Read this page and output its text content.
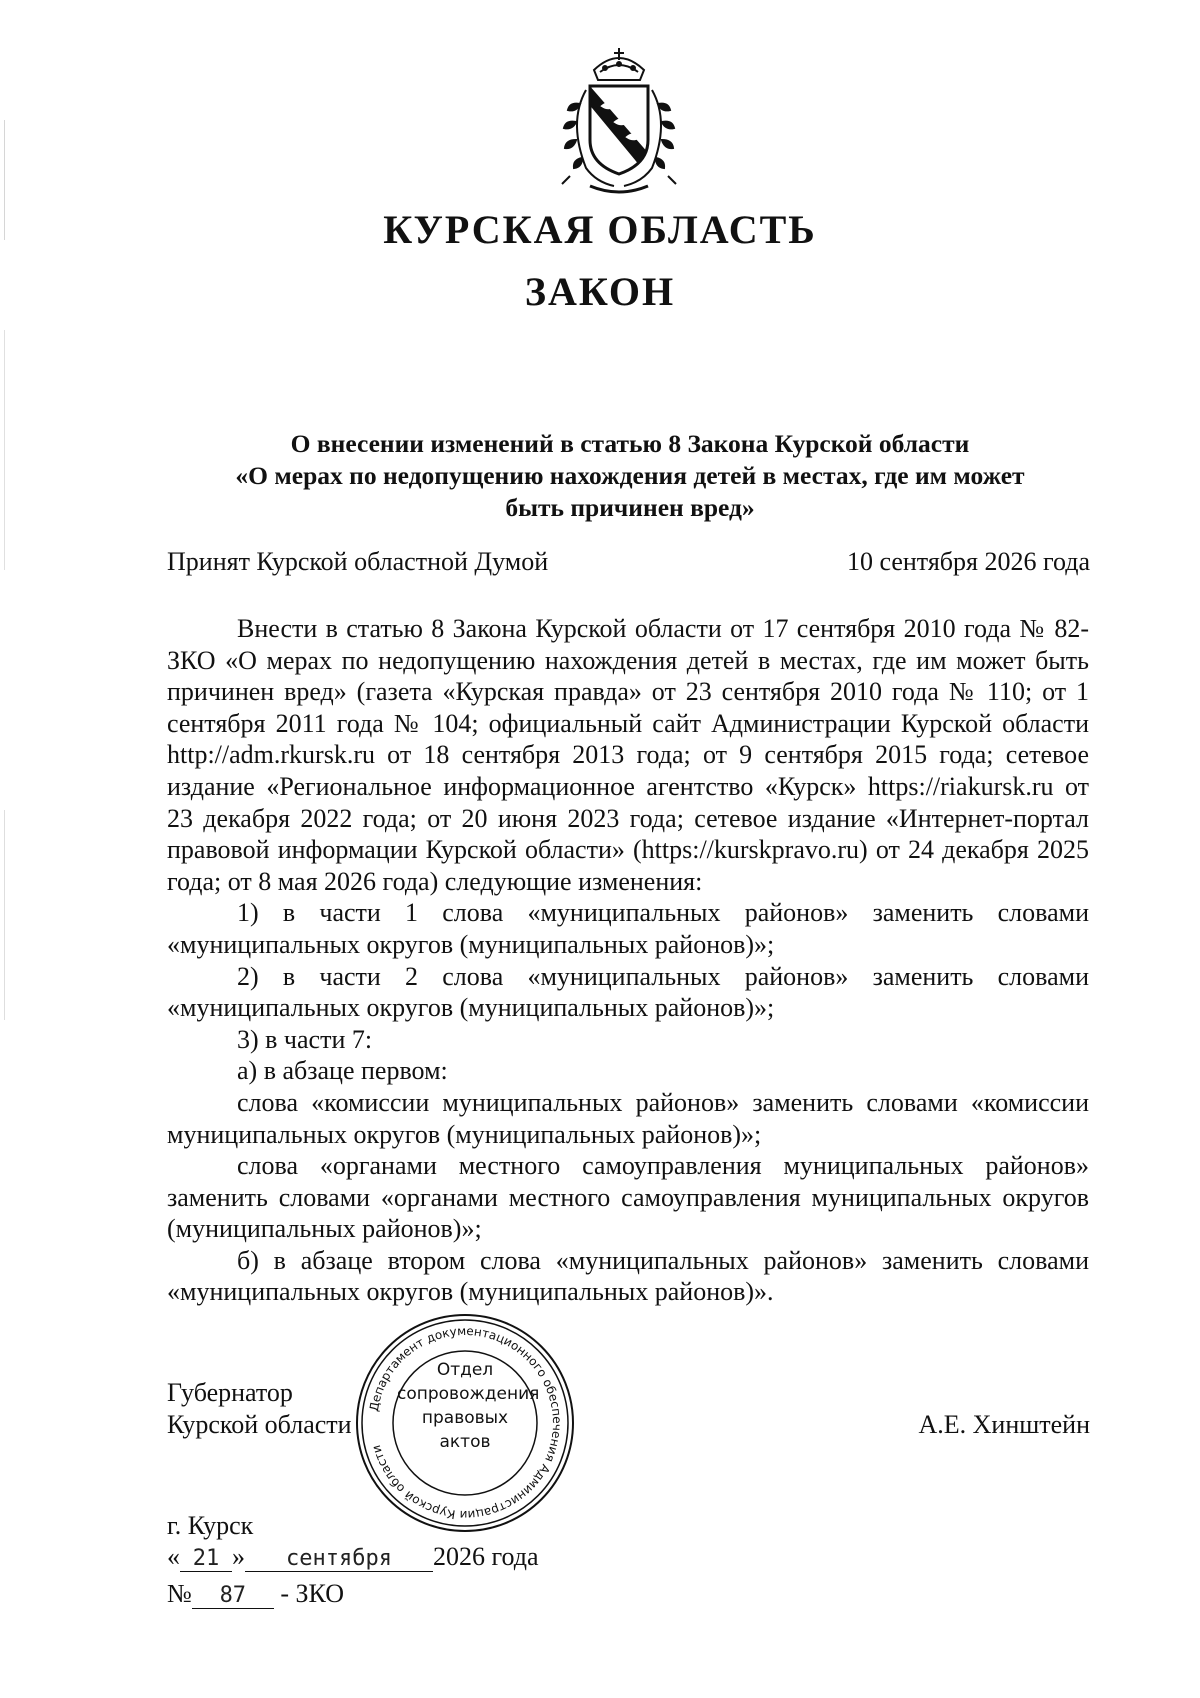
КУРСКАЯ ОБЛАСТЬ
ЗАКОН
О внесении изменений в статью 8 Закона Курской области
«О мерах по недопущению нахождения детей в местах, где им может
быть причинен вред»
Принят Курской областной Думой	10 сентября 2026 года

Внести в статью 8 Закона Курской области от 17 сентября 2010 года № 82-ЗКО «О мерах по недопущению нахождения детей в местах, где им может быть причинен вред» (газета «Курская правда» от 23 сентября 2010 года № 110; от 1 сентября 2011 года № 104; официальный сайт Администрации Курской области http://adm.rkursk.ru от 18 сентября 2013 года; от 9 сентября 2015 года; сетевое издание «Региональное информационное агентство «Курск» https://riakursk.ru от 23 декабря 2022 года; от 20 июня 2023 года; сетевое издание «Интернет-портал правовой информации Курской области» (https://kurskpravo.ru) от 24 декабря 2025 года; от 8 мая 2026 года) следующие изменения:

1) в части 1 слова «муниципальных районов» заменить словами «муниципальных округов (муниципальных районов)»;

2) в части 2 слова «муниципальных районов» заменить словами «муниципальных округов (муниципальных районов)»;

3) в части 7:

а) в абзаце первом:

слова «комиссии муниципальных районов» заменить словами «комиссии муниципальных округов (муниципальных районов)»;

слова «органами местного самоуправления муниципальных районов» заменить словами «органами местного самоуправления муниципальных округов (муниципальных районов)»;

б) в абзаце втором слова «муниципальных районов» заменить словами «муниципальных округов (муниципальных районов)».

Губернатор
Курской области	А.Е. Хинштейн
г. Курск
« 21 » сентября 2026 года
№ 87 - ЗКО
Департамент документационного обеспечения Администрации Курской области
Отдел
сопровождения
правовых
актов
